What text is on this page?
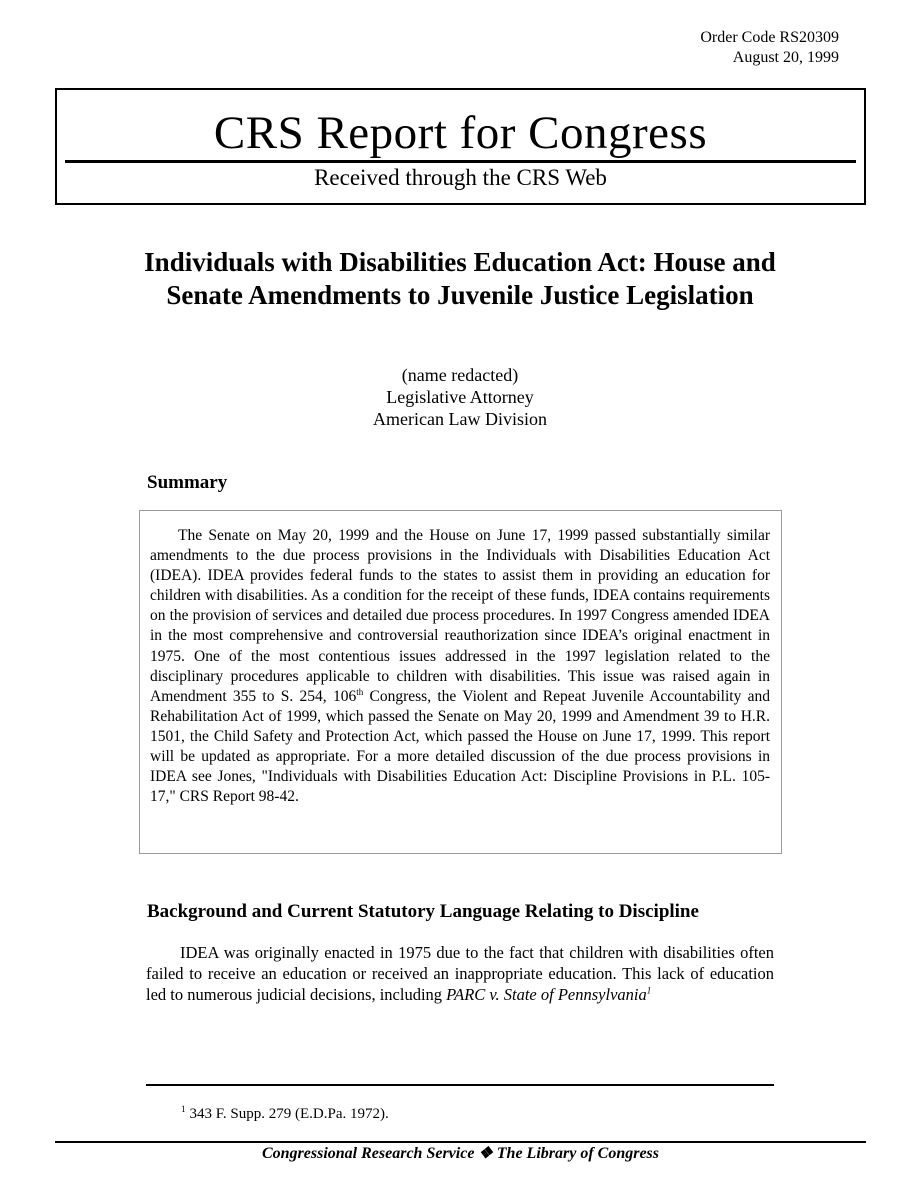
Order Code RS20309
August 20, 1999
CRS Report for Congress
Received through the CRS Web
Individuals with Disabilities Education Act: House and Senate Amendments to Juvenile Justice Legislation
(name redacted)
Legislative Attorney
American Law Division
Summary

The Senate on May 20, 1999 and the House on June 17, 1999 passed substantially similar amendments to the due process provisions in the Individuals with Disabilities Education Act (IDEA). IDEA provides federal funds to the states to assist them in providing an education for children with disabilities. As a condition for the receipt of these funds, IDEA contains requirements on the provision of services and detailed due process procedures. In 1997 Congress amended IDEA in the most comprehensive and controversial reauthorization since IDEA’s original enactment in 1975. One of the most contentious issues addressed in the 1997 legislation related to the disciplinary procedures applicable to children with disabilities. This issue was raised again in Amendment 355 to S. 254, 106th Congress, the Violent and Repeat Juvenile Accountability and Rehabilitation Act of 1999, which passed the Senate on May 20, 1999 and Amendment 39 to H.R. 1501, the Child Safety and Protection Act, which passed the House on June 17, 1999. This report will be updated as appropriate. For a more detailed discussion of the due process provisions in IDEA see Jones, "Individuals with Disabilities Education Act: Discipline Provisions in P.L. 105-17," CRS Report 98-42.

Background and Current Statutory Language Relating to Discipline

IDEA was originally enacted in 1975 due to the fact that children with disabilities often failed to receive an education or received an inappropriate education. This lack of education led to numerous judicial decisions, including PARC v. State of Pennsylvania$^1$

$^1$ 343 F. Supp. 279 (E.D.Pa. 1972).
Congressional Research Service ❖ The Library of Congress
